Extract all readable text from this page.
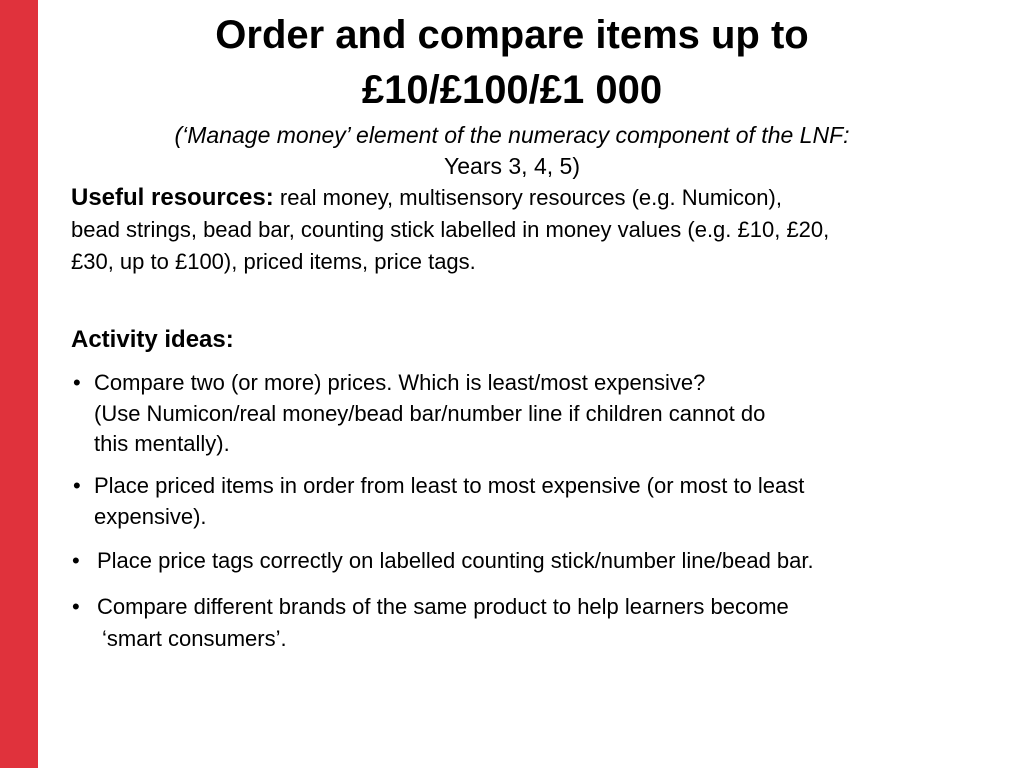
Order and compare items up to
£10/£100/£1 000
(‘Manage money’ element of the numeracy component of the LNF:
Years 3, 4, 5)
Useful resources: real money, multisensory resources (e.g. Numicon),
bead strings, bead bar, counting stick labelled in money values (e.g. £10, £20,
£30, up to £100), priced items, price tags.
Activity ideas:
• Compare two (or more) prices. Which is least/most expensive?
(Use Numicon/real money/bead bar/number line if children cannot do
this mentally).
• Place priced items in order from least to most expensive (or most to least
expensive).
• Place price tags correctly on labelled counting stick/number line/bead bar.
• Compare different brands of the same product to help learners become
‘smart consumers’.
